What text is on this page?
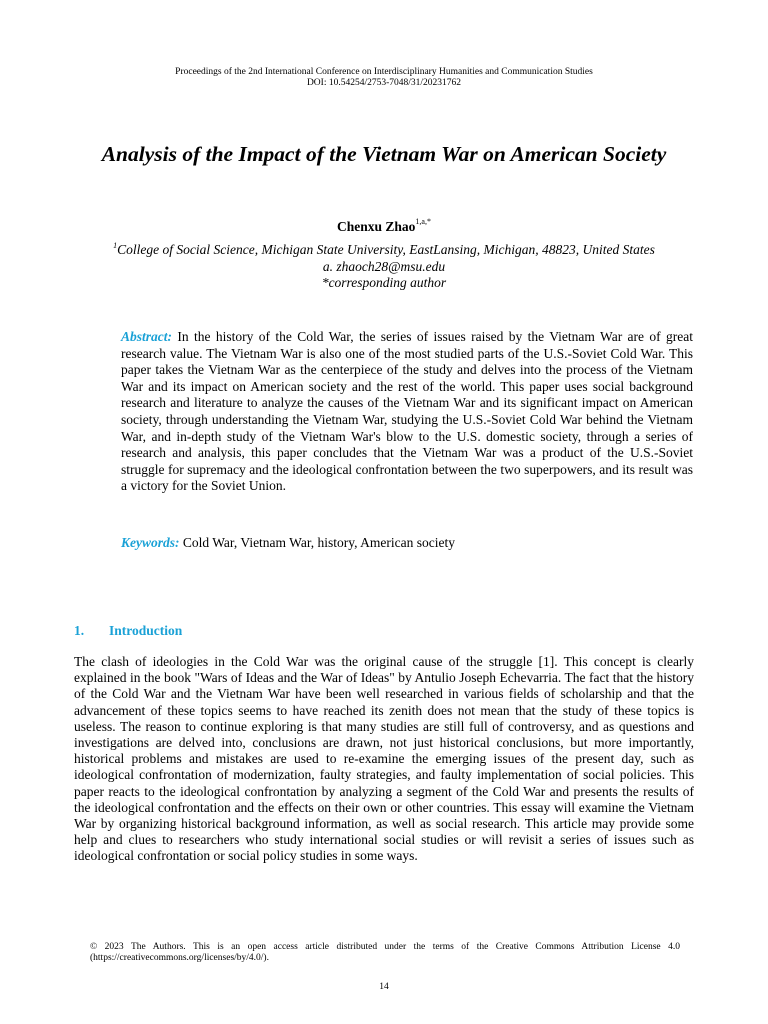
Proceedings of the 2nd International Conference on Interdisciplinary Humanities and Communication Studies
DOI: 10.54254/2753-7048/31/20231762
Analysis of the Impact of the Vietnam War on American Society
Chenxu Zhao$^{1,a,*}$
$^1$College of Social Science, Michigan State University, EastLansing, Michigan, 48823, United States
a. zhaoch28@msu.edu
*corresponding author
Abstract: In the history of the Cold War, the series of issues raised by the Vietnam War are of great research value. The Vietnam War is also one of the most studied parts of the U.S.-Soviet Cold War. This paper takes the Vietnam War as the centerpiece of the study and delves into the process of the Vietnam War and its impact on American society and the rest of the world. This paper uses social background research and literature to analyze the causes of the Vietnam War and its significant impact on American society, through understanding the Vietnam War, studying the U.S.-Soviet Cold War behind the Vietnam War, and in-depth study of the Vietnam War's blow to the U.S. domestic society, through a series of research and analysis, this paper concludes that the Vietnam War was a product of the U.S.-Soviet struggle for supremacy and the ideological confrontation between the two superpowers, and its result was a victory for the Soviet Union.
Keywords: Cold War, Vietnam War, history, American society
1. Introduction

The clash of ideologies in the Cold War was the original cause of the struggle [1]. This concept is clearly explained in the book "Wars of Ideas and the War of Ideas" by Antulio Joseph Echevarria. The fact that the history of the Cold War and the Vietnam War have been well researched in various fields of scholarship and that the advancement of these topics seems to have reached its zenith does not mean that the study of these topics is useless. The reason to continue exploring is that many studies are still full of controversy, and as questions and investigations are delved into, conclusions are drawn, not just historical conclusions, but more importantly, historical problems and mistakes are used to re-examine the emerging issues of the present day, such as ideological confrontation of modernization, faulty strategies, and faulty implementation of social policies. This paper reacts to the ideological confrontation by analyzing a segment of the Cold War and presents the results of the ideological confrontation and the effects on their own or other countries. This essay will examine the Vietnam War by organizing historical background information, as well as social research. This article may provide some help and clues to researchers who study international social studies or will revisit a series of issues such as ideological confrontation or social policy studies in some ways.

© 2023 The Authors. This is an open access article distributed under the terms of the Creative Commons Attribution License 4.0 (https://creativecommons.org/licenses/by/4.0/).
14
